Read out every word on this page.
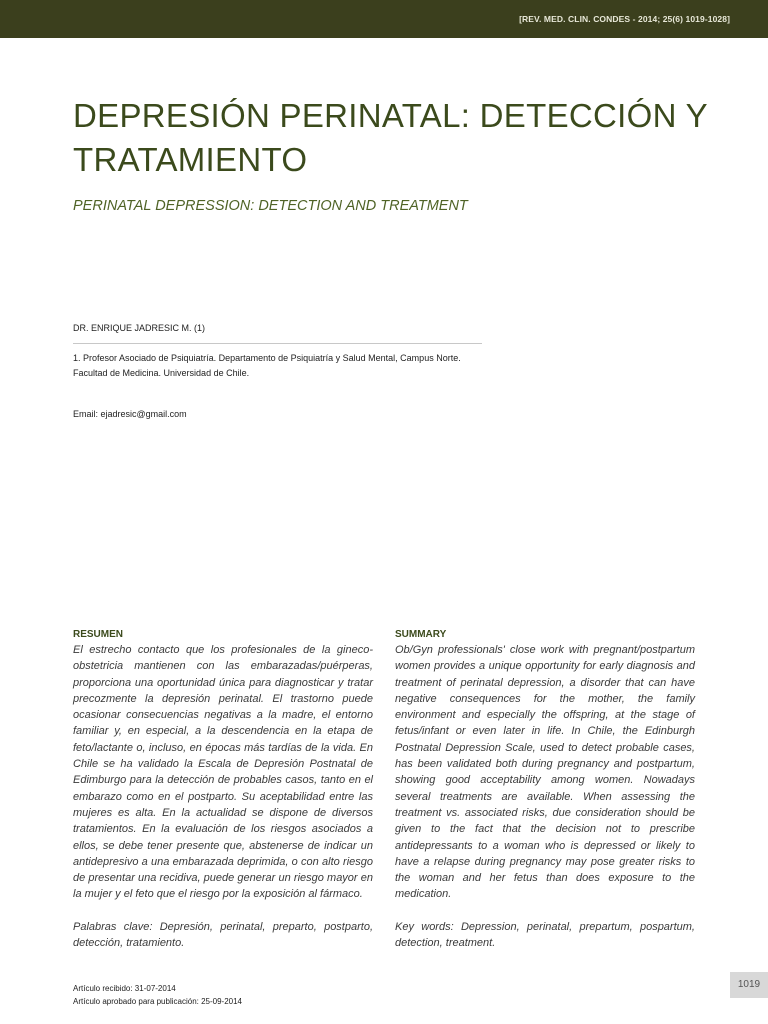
[REV. MED. CLIN. CONDES - 2014; 25(6) 1019-1028]
DEPRESIÓN PERINATAL: DETECCIÓN Y TRATAMIENTO
PERINATAL DEPRESSION: DETECTION AND TREATMENT
DR. ENRIQUE JADRESIC M. (1)
1. Profesor Asociado de Psiquiatría. Departamento de Psiquiatría y Salud Mental, Campus Norte. Facultad de Medicina. Universidad de Chile.
Email: ejadresic@gmail.com
RESUMEN

El estrecho contacto que los profesionales de la gineco-obstetricia mantienen con las embarazadas/puérperas, proporciona una oportunidad única para diagnosticar y tratar precozmente la depresión perinatal. El trastorno puede ocasionar consecuencias negativas a la madre, el entorno familiar y, en especial, a la descendencia en la etapa de feto/lactante o, incluso, en épocas más tardías de la vida. En Chile se ha validado la Escala de Depresión Postnatal de Edimburgo para la detección de probables casos, tanto en el embarazo como en el postparto. Su aceptabilidad entre las mujeres es alta. En la actualidad se dispone de diversos tratamientos. En la evaluación de los riesgos asociados a ellos, se debe tener presente que, abstenerse de indicar un antidepresivo a una embarazada deprimida, o con alto riesgo de presentar una recidiva, puede generar un riesgo mayor en la mujer y el feto que el riesgo por la exposición al fármaco.

Palabras clave: Depresión, perinatal, preparto, postparto, detección, tratamiento.

SUMMARY

Ob/Gyn professionals' close work with pregnant/postpartum women provides a unique opportunity for early diagnosis and treatment of perinatal depression, a disorder that can have negative consequences for the mother, the family environment and especially the offspring, at the stage of fetus/infant or even later in life. In Chile, the Edinburgh Postnatal Depression Scale, used to detect probable cases, has been validated both during pregnancy and postpartum, showing good acceptability among women. Nowadays several treatments are available. When assessing the treatment vs. associated risks, due consideration should be given to the fact that the decision not to prescribe antidepressants to a woman who is depressed or likely to have a relapse during pregnancy may pose greater risks to the woman and her fetus than does exposure to the medication.

Key words: Depression, perinatal, prepartum, pospartum, detection, treatment.

Artículo recibido: 31-07-2014
Artículo aprobado para publicación: 25-09-2014
1019
